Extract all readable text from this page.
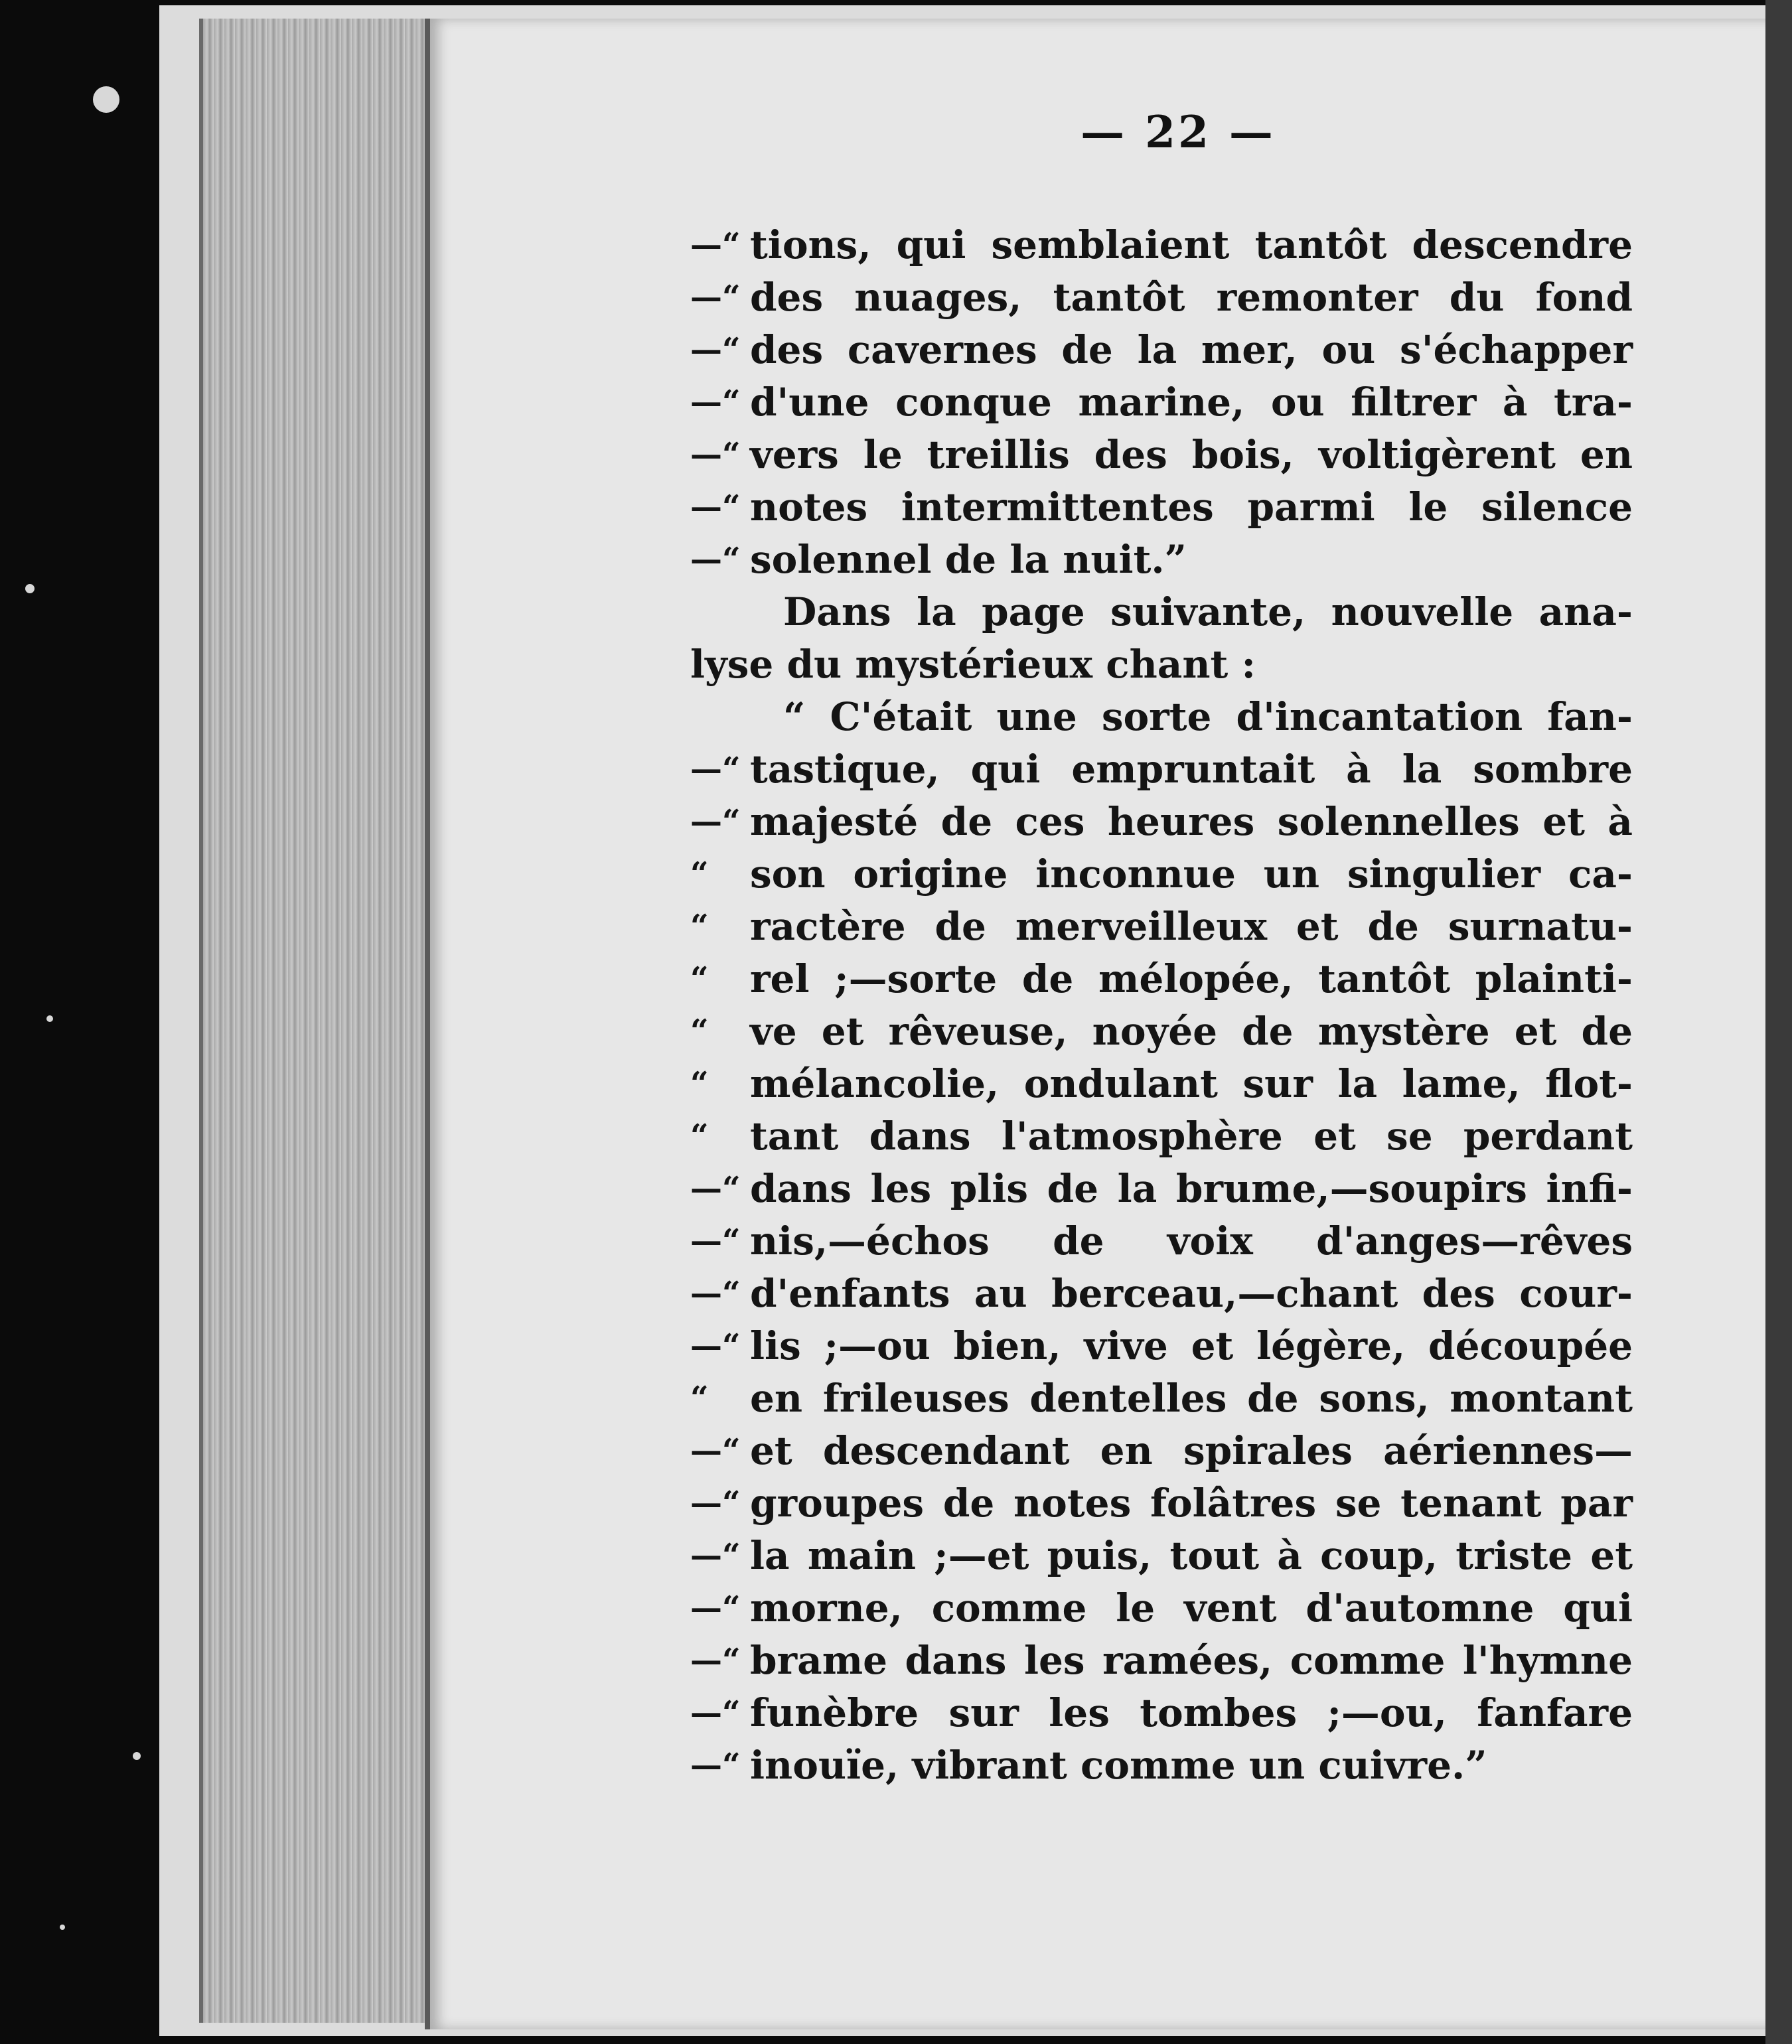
— 22 —
—“ tions, qui semblaient tantôt descendre
—“ des nuages, tantôt remonter du fond
—“ des cavernes de la mer, ou s'échapper
—“ d'une conque marine, ou filtrer à tra-
—“ vers le treillis des bois, voltigèrent en
—“ notes intermittentes parmi le silence
—“ solennel de la nuit.”
Dans la page suivante, nouvelle ana-
lyse du mystérieux chant :
“ C'était une sorte d'incantation fan-
—“ tastique, qui empruntait à la sombre
—“ majesté de ces heures solennelles et à
“	son origine inconnue un singulier ca-
“	ractère de merveilleux et de surnatu-
“	rel ;—sorte de mélopée, tantôt plainti-
“	ve et rêveuse, noyée de mystère et de
“	mélancolie, ondulant sur la lame, flot-
“	tant dans l'atmosphère et se perdant
—“ dans les plis de la brume,—soupirs infi-
—“ nis,—échos de voix d'anges—rêves
—“ d'enfants au berceau,—chant des cour-
—“ lis ;—ou bien, vive et légère, découpée
“	en frileuses dentelles de sons, montant
—“ et descendant en spirales aériennes—
—“ groupes de notes folâtres se tenant par
—“ la main ;—et puis, tout à coup, triste et
—“ morne, comme le vent d'automne qui
—“ brame dans les ramées, comme l'hymne
—“ funèbre sur les tombes ;—ou, fanfare
—“ inouïe, vibrant comme un cuivre.”
